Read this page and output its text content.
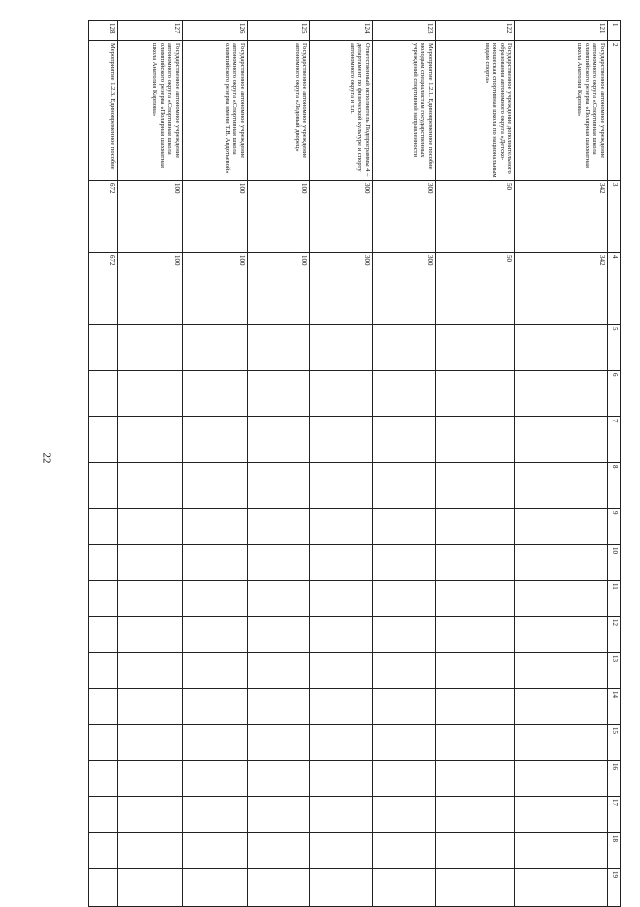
22
1	2	3	4	5	6	7	8	9	10	11	12	13	14	15	16	17	18	19
121	Государственное автономное учреждение автономного округа «Спортивная школа олимпийского резерва «Полярная шахматная школа Анатолия Карпова»	342	342															
122	Государственное учреждение дополнительного образования автономного округа «Детско-юношеская спортивная школа по национальным видам спорта»	50	50															
123	Мероприятие 1.2.1. Единовременное пособие молодым специалистам государственных учреждений спортивной направленности	300	300															
124	Ответственный исполнитель Подпрограммы 4 – департамент по физической культуре и спорту автономного округа и т.п.	300	300															
125	Государственное автономное учреждение автономного округа «Ледовый дворец»	100	100															
126	Государственное автономное учреждение автономного округа «Спортивная школа олимпийского резерва имени Т.В. Авдотьевой»	100	100															
127	Государственное автономное учреждение автономного округа «Спортивная школа олимпийского резерва «Полярная шахматная школа Анатолия Карпова»	100	100															
128	Мероприятие 1.2.3. Единовременное пособие	672	672															
